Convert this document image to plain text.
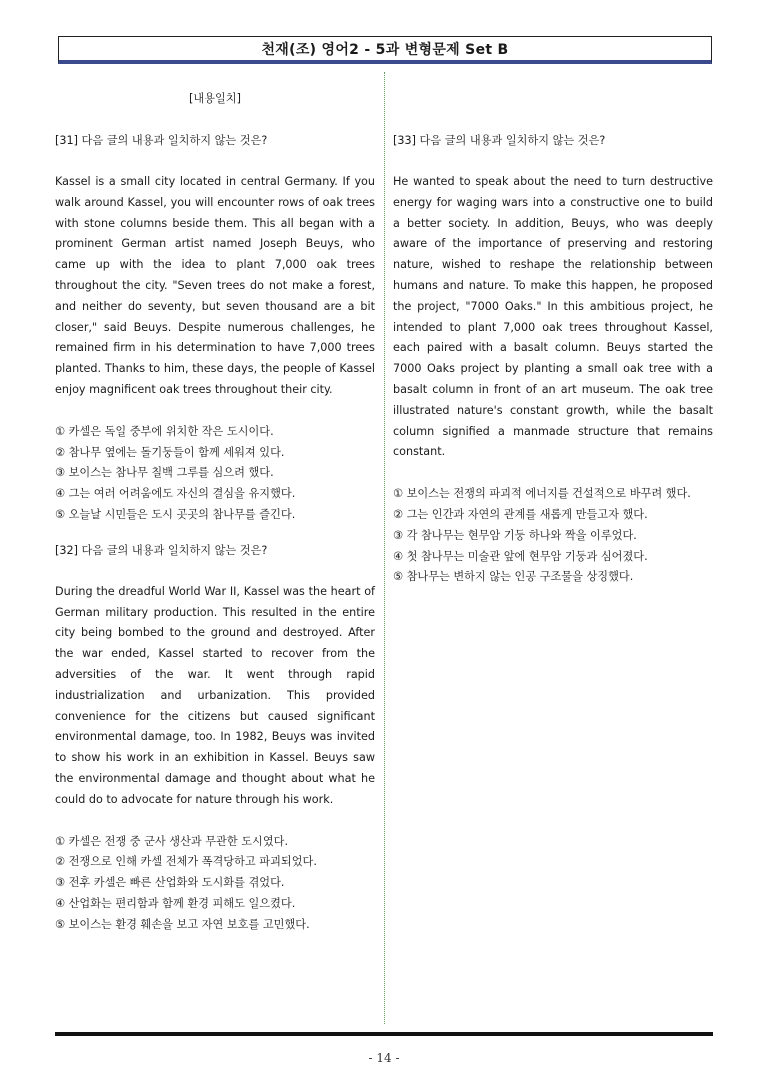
천재(조) 영어2 - 5과 변형문제 Set B
[내용일치]
[31] 다음 글의 내용과 일치하지 않는 것은?

Kassel is a small city located in central Germany. If you walk around Kassel, you will encounter rows of oak trees with stone columns beside them. This all began with a prominent German artist named Joseph Beuys, who came up with the idea to plant 7,000 oak trees throughout the city. "Seven trees do not make a forest, and neither do seventy, but seven thousand are a bit closer," said Beuys. Despite numerous challenges, he remained firm in his determination to have 7,000 trees planted. Thanks to him, these days, the people of Kassel enjoy magnificent oak trees throughout their city.

① 카셀은 독일 중부에 위치한 작은 도시이다.
② 참나무 옆에는 돌기둥들이 함께 세워져 있다.
③ 보이스는 참나무 칠백 그루를 심으려 했다.
④ 그는 여러 어려움에도 자신의 결심을 유지했다.
⑤ 오늘날 시민들은 도시 곳곳의 참나무를 즐긴다.
[32] 다음 글의 내용과 일치하지 않는 것은?

During the dreadful World War II, Kassel was the heart of German military production. This resulted in the entire city being bombed to the ground and destroyed. After the war ended, Kassel started to recover from the adversities of the war. It went through rapid industrialization and urbanization. This provided convenience for the citizens but caused significant environmental damage, too. In 1982, Beuys was invited to show his work in an exhibition in Kassel. Beuys saw the environmental damage and thought about what he could do to advocate for nature through his work.

① 카셀은 전쟁 중 군사 생산과 무관한 도시였다.
② 전쟁으로 인해 카셀 전체가 폭격당하고 파괴되었다.
③ 전후 카셀은 빠른 산업화와 도시화를 겪었다.
④ 산업화는 편리함과 함께 환경 피해도 일으켰다.
⑤ 보이스는 환경 훼손을 보고 자연 보호를 고민했다.
[33] 다음 글의 내용과 일치하지 않는 것은?

He wanted to speak about the need to turn destructive energy for waging wars into a constructive one to build a better society. In addition, Beuys, who was deeply aware of the importance of preserving and restoring nature, wished to reshape the relationship between humans and nature. To make this happen, he proposed the project, "7000 Oaks." In this ambitious project, he intended to plant 7,000 oak trees throughout Kassel, each paired with a basalt column. Beuys started the 7000 Oaks project by planting a small oak tree with a basalt column in front of an art museum. The oak tree illustrated nature's constant growth, while the basalt column signified a manmade structure that remains constant.

① 보이스는 전쟁의 파괴적 에너지를 건설적으로 바꾸려 했다.
② 그는 인간과 자연의 관계를 새롭게 만들고자 했다.
③ 각 참나무는 현무암 기둥 하나와 짝을 이루었다.
④ 첫 참나무는 미술관 앞에 현무암 기둥과 심어졌다.
⑤ 참나무는 변하지 않는 인공 구조물을 상징했다.
- 14 -
